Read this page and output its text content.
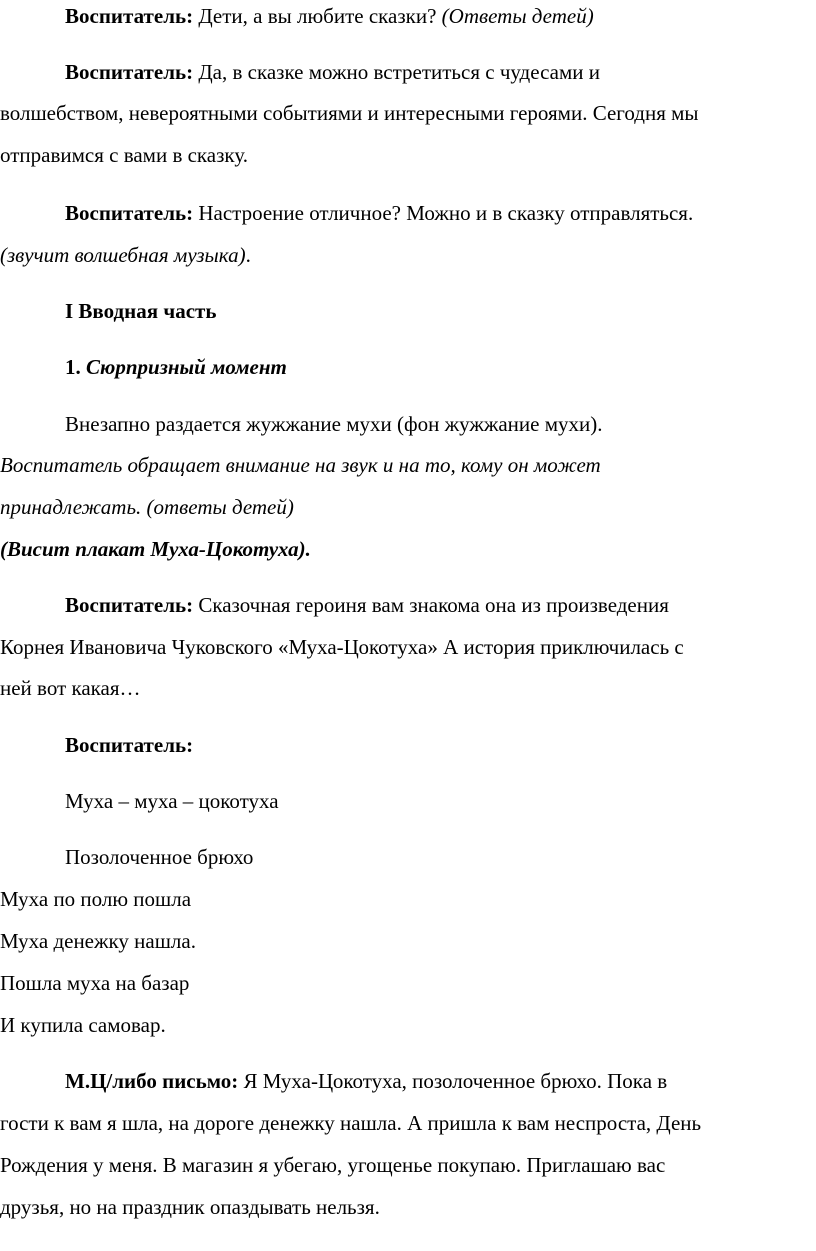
Воспитатель: Дети, а вы любите сказки? (Ответы детей)
Воспитатель: Да, в сказке можно встретиться с чудесами и
волшебством, невероятными событиями и интересными героями. Сегодня мы
отправимся с вами в сказку.
Воспитатель: Настроение отличное? Можно и в сказку отправляться.
(звучит волшебная музыка).
I Вводная часть
1. Сюрпризный момент
Внезапно раздается жужжание мухи (фон жужжание мухи).
Воспитатель обращает внимание на звук и на то, кому он может
принадлежать. (ответы детей)
(Висит плакат Муха-Цокотуха).
Воспитатель: Сказочная героиня вам знакома она из произведения
Корнея Ивановича Чуковского «Муха-Цокотуха» А история приключилась с
ней вот какая…
Воспитатель:
Муха – муха – цокотуха
Позолоченное брюхо
Муха по полю пошла
Муха денежку нашла.
Пошла муха на базар
И купила самовар.
М.Ц/либо письмо: Я Муха-Цокотуха, позолоченное брюхо. Пока в
гости к вам я шла, на дороге денежку нашла. А пришла к вам неспроста, День
Рождения у меня. В магазин я убегаю, угощенье покупаю. Приглашаю вас
друзья, но на праздник опаздывать нельзя.
